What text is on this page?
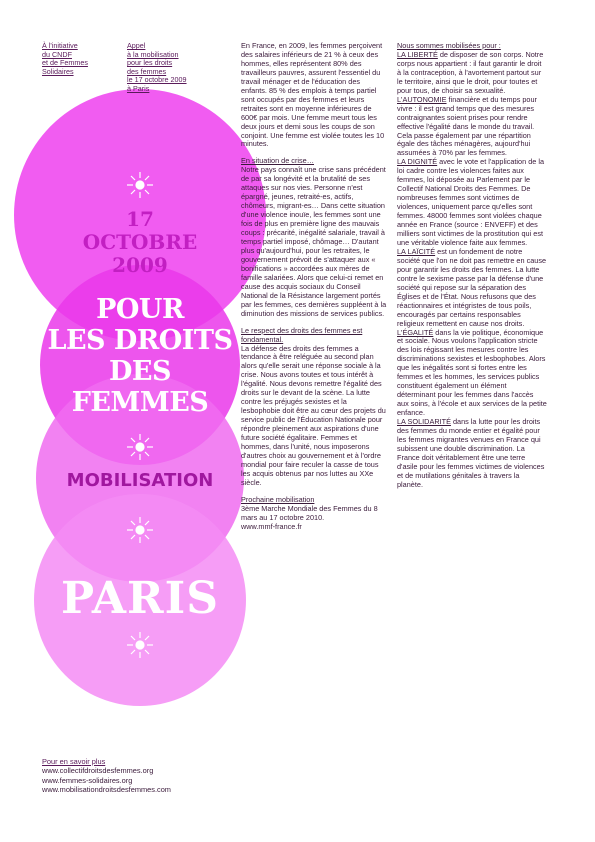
À l'initiative
du CNDF
et de Femmes
Solidaires
Appel
à la mobilisation
pour les droits
des femmes
le 17 octobre 2009
à Paris
17
OCTOBRE
2009
POUR
LES DROITS
DES
FEMMES
MOBILISATION
PARIS
Pour en savoir plus
www.collectifdroitsdesfemmes.org
www.femmes-solidaires.org
www.mobilisationdroitsdesfemmes.com

En France, en 2009, les femmes perçoivent des salaires inférieurs de 21 % à ceux des hommes, elles représentent 80% des travailleurs pauvres, assurent l'essentiel du travail ménager et de l'éducation des enfants. 85 % des emplois à temps partiel sont occupés par des femmes et leurs retraites sont en moyenne inférieures de 600€ par mois. Une femme meurt tous les deux jours et demi sous les coups de son conjoint. Une femme est violée toutes les 10 minutes.

En situation de crise…

Notre pays connaît une crise sans précédent de par sa longévité et la brutalité de ses attaques sur nos vies. Personne n'est épargné, jeunes, retraité-es, actifs, chômeurs, migrant-es… Dans cette situation d'une violence inouïe, les femmes sont une fois de plus en première ligne des mauvais coups : précarité, inégalité salariale, travail à temps partiel imposé, chômage… D'autant plus qu'aujourd'hui, pour les retraites, le gouvernement prévoit de s'attaquer aux « bonifications » accordées aux mères de famille salariées. Alors que celui-ci remet en cause des acquis sociaux du Conseil National de la Résistance largement portés par les femmes, ces dernières suppléent à la diminution des missions de services publics.

Le respect des droits des femmes est fondamental.

La défense des droits des femmes a tendance à être reléguée au second plan alors qu'elle serait une réponse sociale à la crise. Nous avons toutes et tous intérêt à l'égalité. Nous devons remettre l'égalité des droits sur le devant de la scène. La lutte contre les préjugés sexistes et la lesbophobie doit être au cœur des projets du service public de l'Éducation Nationale pour répondre pleinement aux aspirations d'une future société égalitaire. Femmes et hommes, dans l'unité, nous imposerons d'autres choix au gouvernement et à l'ordre mondial pour faire reculer la casse de tous les acquis obtenus par nos luttes au XXe siècle.

Prochaine mobilisation

3ème Marche Mondiale des Femmes du 8 mars au 17 octobre 2010.

www.mmf-france.fr

Nous sommes mobilisées pour :

LA LIBERTÉ de disposer de son corps. Notre corps nous appartient : il faut garantir le droit à la contraception, à l'avortement partout sur le territoire, ainsi que le droit, pour toutes et pour tous, de choisir sa sexualité.

L'AUTONOMIE financière et du temps pour vivre : il est grand temps que des mesures contraignantes soient prises pour rendre effective l'égalité dans le monde du travail. Cela passe également par une répartition égale des tâches ménagères, aujourd'hui assumées à 70% par les femmes.

LA DIGNITÉ avec le vote et l'application de la loi cadre contre les violences faites aux femmes, loi déposée au Parlement par le Collectif National Droits des Femmes. De nombreuses femmes sont victimes de violences, uniquement parce qu'elles sont femmes. 48000 femmes sont violées chaque année en France (source : ENVEFF) et des milliers sont victimes de la prostitution qui est une véritable violence faite aux femmes.

LA LAÏCITÉ est un fondement de notre société que l'on ne doit pas remettre en cause pour garantir les droits des femmes. La lutte contre le sexisme passe par la défense d'une société qui repose sur la séparation des Églises et de l'État. Nous refusons que des réactionnaires et intégristes de tous poils, encouragés par certains responsables religieux remettent en cause nos droits.

L'ÉGALITÉ dans la vie politique, économique et sociale. Nous voulons l'application stricte des lois régissant les mesures contre les discriminations sexistes et lesbophobes. Alors que les inégalités sont si fortes entre les femmes et les hommes, les services publics constituent également un élément déterminant pour les femmes dans l'accès aux soins, à l'école et aux services de la petite enfance.

LA SOLIDARITÉ dans la lutte pour les droits des femmes du monde entier et égalité pour les femmes migrantes venues en France qui subissent une double discrimination. La France doit véritablement être une terre d'asile pour les femmes victimes de violences et de mutilations génitales à travers la planète.
